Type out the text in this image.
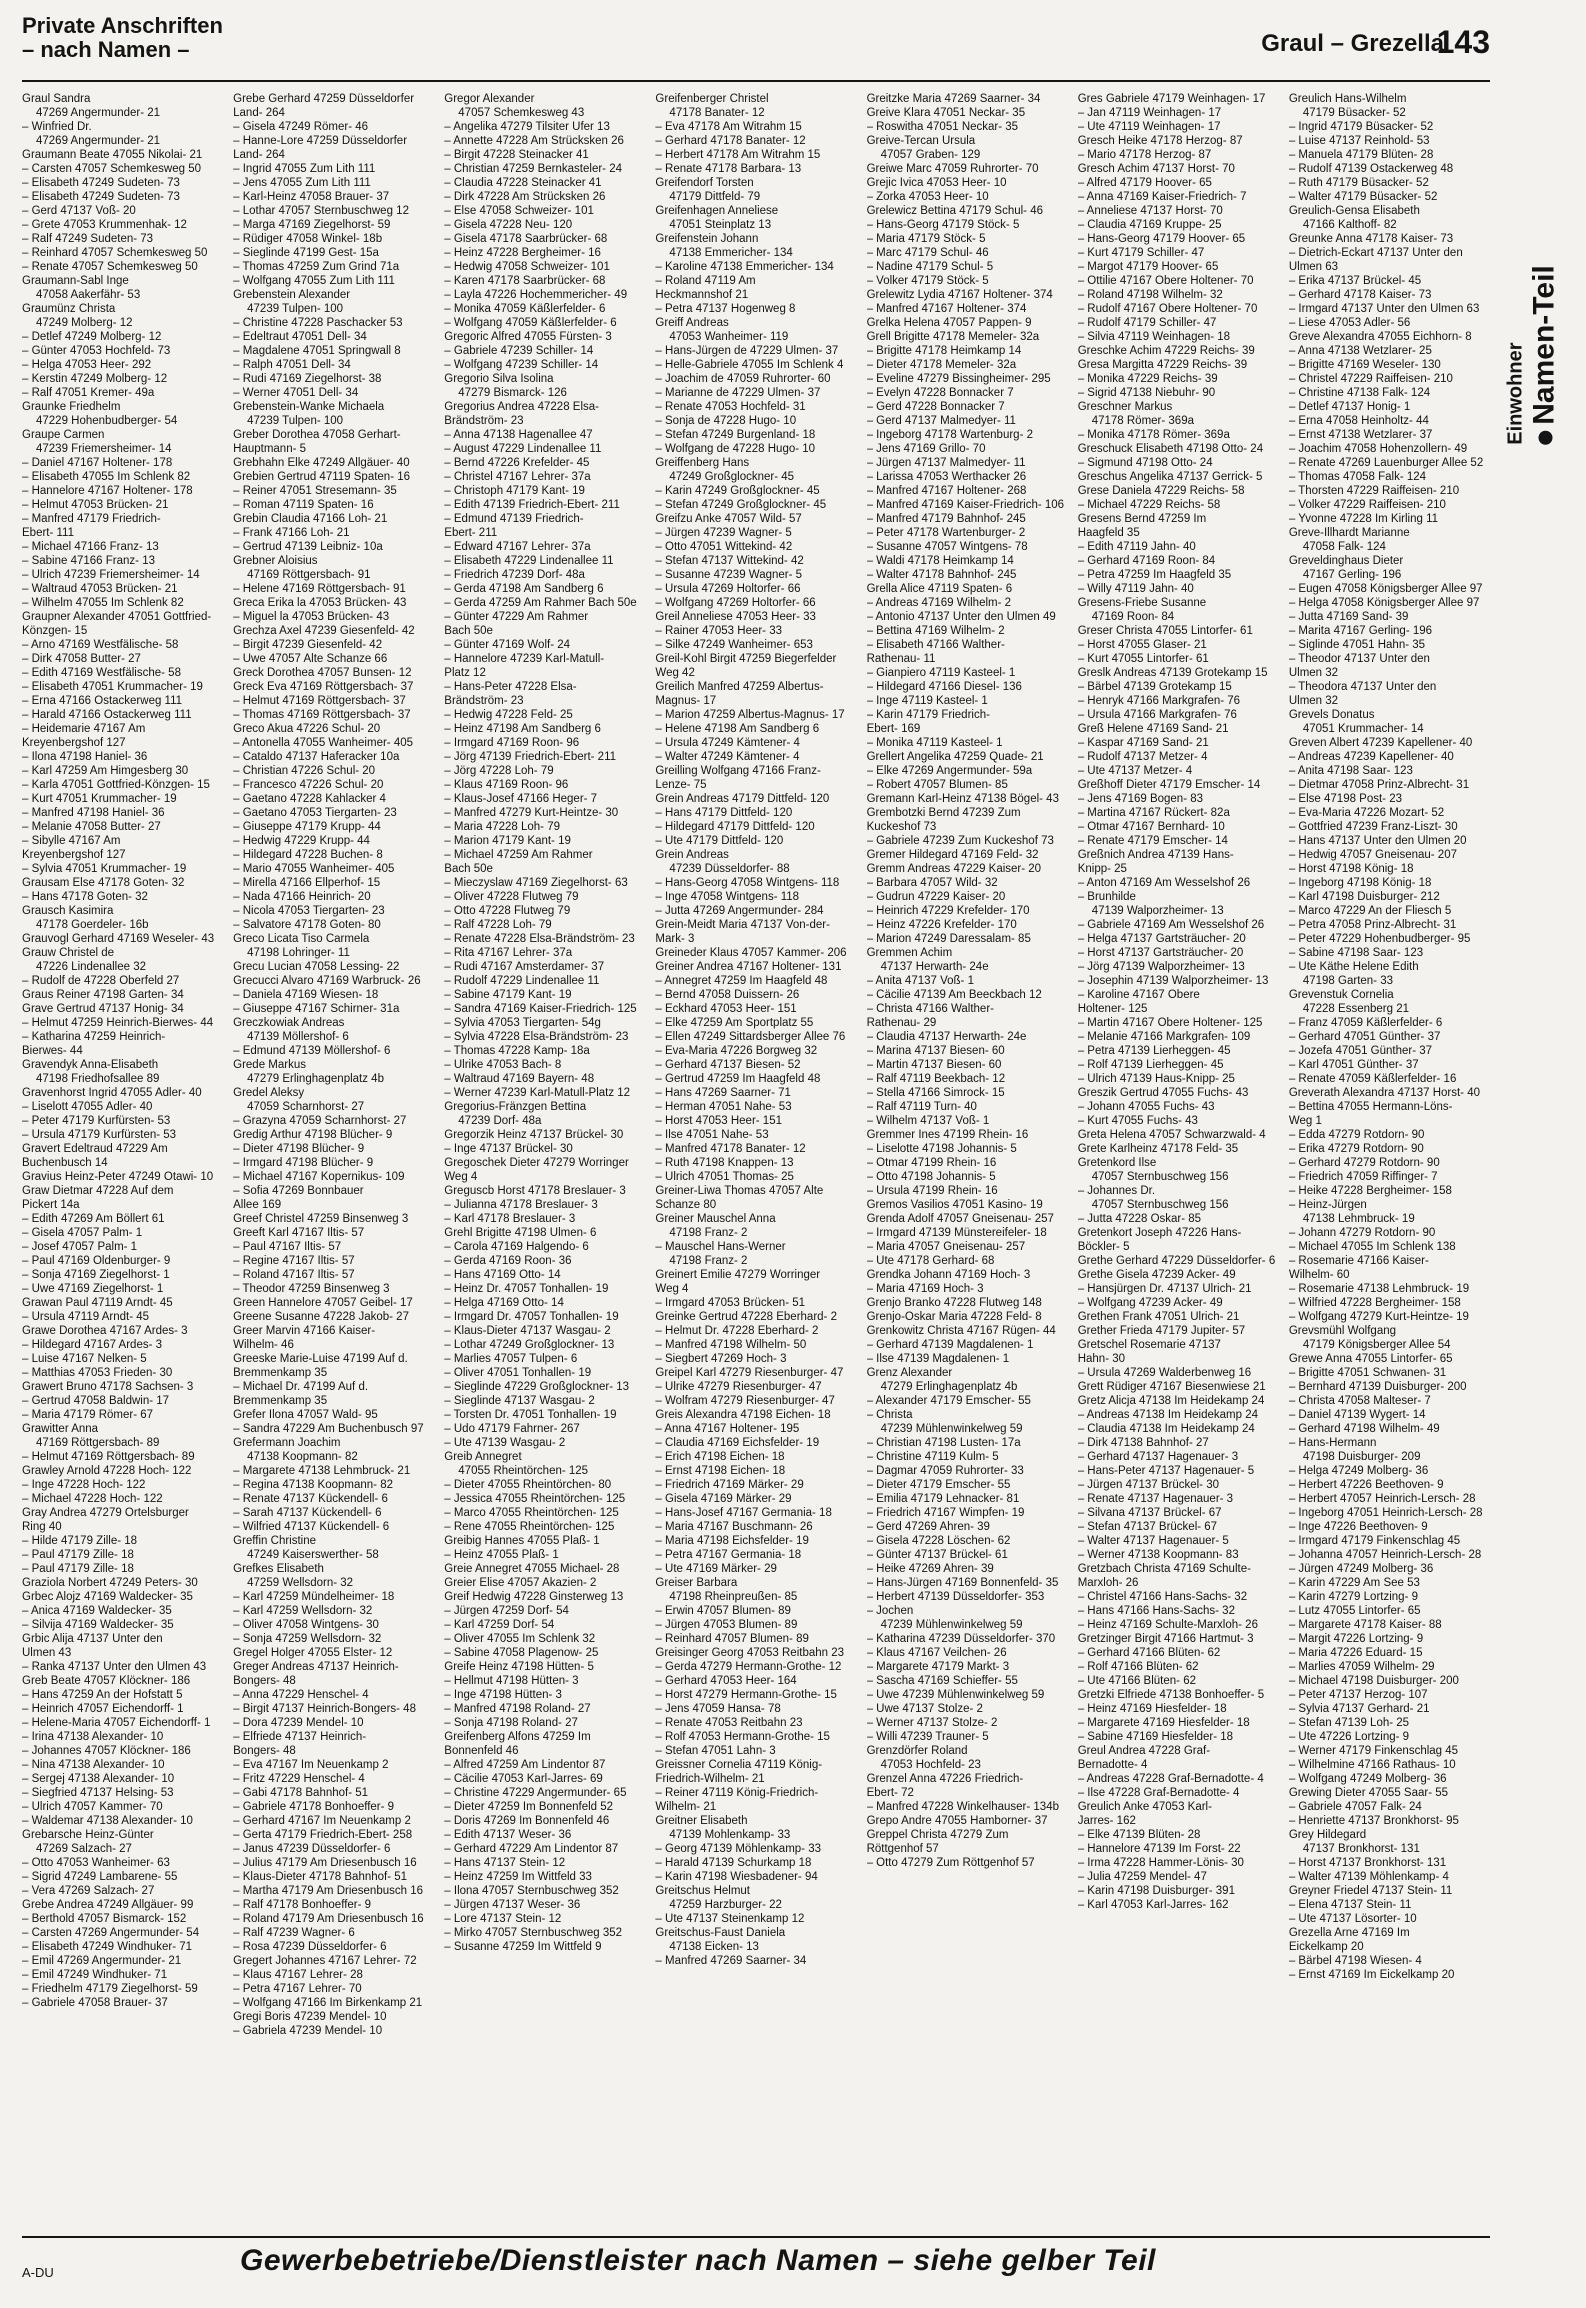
Private Anschriften
– nach Namen –	Graul – Grezella
143
Einwohner Namen-Teil
Graul Sandra
47269 Angermunder- 21
– Winfried Dr.
47269 Angermunder- 21
Graumann Beate 47055 Nikolai- 21
– Carsten 47057 Schemkesweg 50
– Elisabeth 47249 Sudeten- 73
– Elisabeth 47249 Sudeten- 73
– Gerd 47137 Voß- 20
– Grete 47053 Krummenhak- 12
– Ralf 47249 Sudeten- 73
– Reinhard 47057 Schemkesweg 50
– Renate 47057 Schemkesweg 50
Graumann-Sabl Inge
47058 Aakerfähr- 53
Graumünz Christa
47249 Molberg- 12
– Detlef 47249 Molberg- 12
– Günter 47053 Hochfeld- 73
– Helga 47053 Heer- 292
– Kerstin 47249 Molberg- 12
– Ralf 47051 Kremer- 49a
Graunke Friedhelm
47229 Hohenbudberger- 54
Graupe Carmen
47239 Friemersheimer- 14
– Daniel 47167 Holtener- 178
– Elisabeth 47055 Im Schlenk 82
– Hannelore 47167 Holtener- 178
– Helmut 47053 Brücken- 21
– Manfred 47179 Friedrich-
Ebert- 111
– Michael 47166 Franz- 13
– Sabine 47166 Franz- 13
– Ulrich 47239 Friemersheimer- 14
– Waltraud 47053 Brücken- 21
– Wilhelm 47055 Im Schlenk 82
Graupner Alexander 47051 Gottfried-
Könzgen- 15
– Arno 47169 Westfälische- 58
– Dirk 47058 Butter- 27
– Edith 47169 Westfälische- 58
– Elisabeth 47051 Krummacher- 19
– Erna 47166 Ostackerweg 111
– Harald 47166 Ostackerweg 111
– Heidemarie 47167 Am
Kreyenbergshof 127
– Ilona 47198 Haniel- 36
– Karl 47259 Am Himgesberg 30
– Karla 47051 Gottfried-Könzgen- 15
– Kurt 47051 Krummacher- 19
– Manfred 47198 Haniel- 36
– Melanie 47058 Butter- 27
– Sibylle 47167 Am
Kreyenbergshof 127
– Sylvia 47051 Krummacher- 19
Grausam Else 47178 Goten- 32
– Hans 47178 Goten- 32
Grausch Kasimira
47178 Goerdeler- 16b
Grauvogl Gerhard 47169 Weseler- 43
Grauw Christel de
47226 Lindenallee 32
– Rudolf de 47228 Oberfeld 27
Graus Reiner 47198 Garten- 34
Grave Gertrud 47137 Honig- 34
– Helmut 47259 Heinrich-Bierwes- 44
– Katharina 47259 Heinrich-
Bierwes- 44
Gravendyk Anna-Elisabeth
47198 Friedhofsallee 89
Gravenhorst Ingrid 47055 Adler- 40
– Liselott 47055 Adler- 40
– Peter 47179 Kurfürsten- 53
– Ursula 47179 Kurfürsten- 53
Gravert Edeltraud 47229 Am
Buchenbusch 14
Gravius Heinz-Peter 47249 Otawi- 10
Graw Dietmar 47228 Auf dem
Pickert 14a
– Edith 47269 Am Böllert 61
– Gisela 47057 Palm- 1
– Josef 47057 Palm- 1
– Paul 47169 Oldenburger- 9
– Sonja 47169 Ziegelhorst- 1
– Uwe 47169 Ziegelhorst- 1
Grawan Paul 47119 Arndt- 45
– Ursula 47119 Arndt- 45
Grawe Dorothea 47167 Ardes- 3
– Hildegard 47167 Ardes- 3
– Luise 47167 Nelken- 5
– Matthias 47053 Frieden- 30
Grawert Bruno 47178 Sachsen- 3
– Gertrud 47058 Baldwin- 17
– Maria 47179 Römer- 67
Grawitter Anna
47169 Röttgersbach- 89
– Helmut 47169 Röttgersbach- 89
Grawley Arnold 47228 Hoch- 122
– Inge 47228 Hoch- 122
– Michael 47228 Hoch- 122
Gray Andrea 47279 Ortelsburger
Ring 40
– Hilde 47179 Zille- 18
– Paul 47179 Zille- 18
– Paul 47179 Zille- 18
Graziola Norbert 47249 Peters- 30
Grbec Alojz 47169 Waldecker- 35
– Anica 47169 Waldecker- 35
– Silvija 47169 Waldecker- 35
Grbic Alija 47137 Unter den
Ulmen 43
– Ranka 47137 Unter den Ulmen 43
Greb Beate 47057 Klöckner- 186
– Hans 47259 An der Hofstatt 5
– Heinrich 47057 Eichendorff- 1
– Helene-Maria 47057 Eichendorff- 1
– Irina 47138 Alexander- 10
– Johannes 47057 Klöckner- 186
– Nina 47138 Alexander- 10
– Sergej 47138 Alexander- 10
– Siegfried 47137 Helsing- 53
– Ulrich 47057 Kammer- 70
– Waldemar 47138 Alexander- 10
Grebarsche Heinz-Günter
47269 Salzach- 27
– Otto 47053 Wanheimer- 63
– Sigrid 47249 Lambarene- 55
– Vera 47269 Salzach- 27
Grebe Andrea 47249 Allgäuer- 99
– Berthold 47057 Bismarck- 152
– Carsten 47269 Angermunder- 54
– Elisabeth 47249 Windhuker- 71
– Emil 47269 Angermunder- 21
– Emil 47249 Windhuker- 71
– Friedhelm 47179 Ziegelhorst- 59
– Gabriele 47058 Brauer- 37
Grebe Gerhard 47259 Düsseldorfer
Land- 264
– Gisela 47249 Römer- 46
– Hanne-Lore 47259 Düsseldorfer
Land- 264
– Ingrid 47055 Zum Lith 111
– Jens 47055 Zum Lith 111
– Karl-Heinz 47058 Brauer- 37
– Lothar 47057 Sternbuschweg 12
– Marga 47169 Ziegelhorst- 59
– Rüdiger 47058 Winkel- 18b
– Sieglinde 47199 Gest- 15a
– Thomas 47259 Zum Grind 71a
– Wolfgang 47055 Zum Lith 111
Grebenstein Alexander
47239 Tulpen- 100
– Christine 47228 Paschacker 53
– Edeltraut 47051 Dell- 34
– Magdalene 47051 Springwall 8
– Ralph 47051 Dell- 34
– Rudi 47169 Ziegelhorst- 38
– Werner 47051 Dell- 34
Grebenstein-Wanke Michaela
47239 Tulpen- 100
Greber Dorothea 47058 Gerhart-
Hauptmann- 5
Grebhahn Elke 47249 Allgäuer- 40
Grebien Gertrud 47119 Spaten- 16
– Reiner 47051 Stresemann- 35
– Roman 47119 Spaten- 16
Grebin Claudia 47166 Loh- 21
– Frank 47166 Loh- 21
– Gertrud 47139 Leibniz- 10a
Grebner Aloisius
47169 Röttgersbach- 91
– Helene 47169 Röttgersbach- 91
Greca Erika la 47053 Brücken- 43
– Miguel la 47053 Brücken- 43
Grechza Axel 47239 Giesenfeld- 42
– Birgit 47239 Giesenfeld- 42
– Uwe 47057 Alte Schanze 66
Greck Dorothea 47057 Bunsen- 12
Greck Eva 47169 Röttgersbach- 37
– Helmut 47169 Röttgersbach- 37
– Thomas 47169 Röttgersbach- 37
Greco Akua 47226 Schul- 20
– Antonella 47055 Wanheimer- 405
– Cataldo 47137 Haferacker 10a
– Christian 47226 Schul- 20
– Francesco 47226 Schul- 20
– Gaetano 47228 Kahlacker 4
– Gaetano 47053 Tiergarten- 23
– Giuseppe 47179 Krupp- 44
– Hedwig 47229 Krupp- 44
– Hildegard 47228 Buchen- 8
– Mario 47055 Wanheimer- 405
– Mirella 47166 Ellperhof- 15
– Nada 47166 Heinrich- 20
– Nicola 47053 Tiergarten- 23
– Salvatore 47178 Goten- 80
Greco Licata Tiso Carmela
47198 Lohringer- 11
Grecu Lucian 47058 Lessing- 22
Grecucci Alvaro 47169 Warbruck- 26
– Daniela 47169 Wiesen- 18
– Giuseppe 47167 Schirner- 31a
Greczkowiak Andreas
47139 Möllershof- 6
– Edmund 47139 Möllershof- 6
Grede Markus
47279 Erlinghagenplatz 4b
Gredel Aleksy
47059 Scharnhorst- 27
– Grazyna 47059 Scharnhorst- 27
Gredig Arthur 47198 Blücher- 9
– Dieter 47198 Blücher- 9
– Irmgard 47198 Blücher- 9
– Michael 47167 Kopernikus- 109
– Sofia 47269 Bonnbauer
Allee 169
Greef Christel 47259 Binsenweg 3
Greeft Karl 47167 Iltis- 57
– Paul 47167 Iltis- 57
– Regine 47167 Iltis- 57
– Roland 47167 Iltis- 57
– Theodor 47259 Binsenweg 3
Green Hannelore 47057 Geibel- 17
Greene Susanne 47228 Jakob- 27
Greer Marvin 47166 Kaiser-
Wilhelm- 46
Greeske Marie-Luise 47199 Auf d.
Bremmenkamp 35
– Michael Dr. 47199 Auf d.
Bremmenkamp 35
Grefer Ilona 47057 Wald- 95
– Sandra 47229 Am Buchenbusch 97
Grefermann Joachim
47138 Koopmann- 82
– Margarete 47138 Lehmbruck- 21
– Regina 47138 Koopmann- 82
– Renate 47137 Kückendell- 6
– Sarah 47137 Kückendell- 6
– Wilfried 47137 Kückendell- 6
Greffin Christine
47249 Kaiserswerther- 58
Grefkes Elisabeth
47259 Wellsdorn- 32
– Karl 47259 Mündelheimer- 18
– Karl 47259 Wellsdorn- 32
– Oliver 47058 Wintgens- 30
– Sonja 47259 Wellsdorn- 32
Gregel Holger 47055 Elster- 12
Greger Andreas 47137 Heinrich-
Bongers- 48
– Anna 47229 Henschel- 4
– Birgit 47137 Heinrich-Bongers- 48
– Dora 47239 Mendel- 10
– Elfriede 47137 Heinrich-
Bongers- 48
– Eva 47167 Im Neuenkamp 2
– Fritz 47229 Henschel- 4
– Gabi 47178 Bahnhof- 51
– Gabriele 47178 Bonhoeffer- 9
– Gerhard 47167 Im Neuenkamp 2
– Gerta 47179 Friedrich-Ebert- 258
– Janus 47239 Düsseldorfer- 6
– Julius 47179 Am Driesenbusch 16
– Klaus-Dieter 47178 Bahnhof- 51
– Martha 47179 Am Driesenbusch 16
– Ralf 47178 Bonhoeffer- 9
– Roland 47179 Am Driesenbusch 16
– Ralf 47239 Wagner- 6
– Rosa 47239 Düsseldorfer- 6
Gregert Johannes 47167 Lehrer- 72
– Klaus 47167 Lehrer- 28
– Petra 47167 Lehrer- 70
– Wolfgang 47166 Im Birkenkamp 21
Gregi Boris 47239 Mendel- 10
– Gabriela 47239 Mendel- 10
Gregor Alexander
47057 Schemkesweg 43
– Angelika 47279 Tilsiter Ufer 13
– Annette 47228 Am Strücksken 26
– Birgit 47228 Steinacker 41
– Christian 47259 Bernkasteler- 24
– Claudia 47228 Steinacker 41
– Dirk 47228 Am Strücksken 26
– Else 47058 Schweizer- 101
– Gisela 47228 Neu- 120
– Gisela 47178 Saarbrücker- 68
– Heinz 47228 Bergheimer- 16
– Hedwig 47058 Schweizer- 101
– Karen 47178 Saarbrücker- 68
– Layla 47226 Hochemmericher- 49
– Monika 47059 Käßlerfelder- 6
– Wolfgang 47059 Käßlerfelder- 6
Gregoric Alfred 47055 Fürsten- 3
– Gabriele 47239 Schiller- 14
– Wolfgang 47239 Schiller- 14
Gregorio Silva Isolina
47279 Bismarck- 126
Gregorius Andrea 47228 Elsa-
Brändström- 23
– Anna 47138 Hagenallee 47
– August 47229 Lindenallee 11
– Bernd 47226 Krefelder- 45
– Christel 47167 Lehrer- 37a
– Christoph 47179 Kant- 19
– Edith 47139 Friedrich-Ebert- 211
– Edmund 47139 Friedrich-
Ebert- 211
– Edward 47167 Lehrer- 37a
– Elisabeth 47229 Lindenallee 11
– Friedrich 47239 Dorf- 48a
– Gerda 47198 Am Sandberg 6
– Gerda 47259 Am Rahmer Bach 50e
– Günter 47229 Am Rahmer
Bach 50e
– Günter 47169 Wolf- 24
– Hannelore 47239 Karl-Matull-
Platz 12
– Hans-Peter 47228 Elsa-
Brändström- 23
– Hedwig 47228 Feld- 25
– Heinz 47198 Am Sandberg 6
– Irmgard 47169 Roon- 96
– Jörg 47139 Friedrich-Ebert- 211
– Jörg 47228 Loh- 79
– Klaus 47169 Roon- 96
– Klaus-Josef 47166 Heger- 7
– Manfred 47279 Kurt-Heintze- 30
– Maria 47228 Loh- 79
– Marion 47179 Kant- 19
– Michael 47259 Am Rahmer
Bach 50e
– Mieczyslaw 47169 Ziegelhorst- 63
– Oliver 47228 Flutweg 79
– Otto 47228 Flutweg 79
– Ralf 47228 Loh- 79
– Renate 47228 Elsa-Brändström- 23
– Rita 47167 Lehrer- 37a
– Rudi 47167 Amsterdamer- 37
– Rudolf 47229 Lindenallee 11
– Sabine 47179 Kant- 19
– Sandra 47169 Kaiser-Friedrich- 125
– Sylvia 47053 Tiergarten- 54g
– Sylvia 47228 Elsa-Brändström- 23
– Thomas 47228 Kamp- 18a
– Ulrike 47053 Bach- 8
– Waltraud 47169 Bayern- 48
– Werner 47239 Karl-Matull-Platz 12
Gregorius-Fränzgen Bettina
47239 Dorf- 48a
Gregorzik Heinz 47137 Brückel- 30
– Inge 47137 Brückel- 30
Gregoschek Dieter 47279 Worringer
Weg 4
Greguscb Horst 47178 Breslauer- 3
– Julianna 47178 Breslauer- 3
– Karl 47178 Breslauer- 3
Grehl Brigitte 47198 Ulmen- 6
– Carola 47169 Halgendo- 6
– Gerda 47169 Roon- 36
– Hans 47169 Otto- 14
– Heinz Dr. 47057 Tonhallen- 19
– Helga 47169 Otto- 14
– Irmgard Dr. 47057 Tonhallen- 19
– Klaus-Dieter 47137 Wasgau- 2
– Lothar 47249 Großglockner- 13
– Marlies 47057 Tulpen- 6
– Oliver 47051 Tonhallen- 19
– Sieglinde 47229 Großglockner- 13
– Sieglinde 47137 Wasgau- 2
– Torsten Dr. 47051 Tonhallen- 19
– Udo 47179 Fahrner- 267
– Ute 47139 Wasgau- 2
Greib Annegret
47055 Rheintörchen- 125
– Dieter 47055 Rheintörchen- 80
– Jessica 47055 Rheintörchen- 125
– Marco 47055 Rheintörchen- 125
– Rene 47055 Rheintörchen- 125
Greibig Hannes 47055 Plaß- 1
– Heinz 47055 Plaß- 1
Greie Annegret 47055 Michael- 28
Greier Elise 47057 Akazien- 2
Greif Hedwig 47228 Ginsterweg 13
– Jürgen 47259 Dorf- 54
– Karl 47259 Dorf- 54
– Oliver 47055 Im Schlenk 32
– Sabine 47058 Plagenow- 25
Greife Heinz 47198 Hütten- 5
– Hellmut 47198 Hütten- 3
– Inge 47198 Hütten- 3
– Manfred 47198 Roland- 27
– Sonja 47198 Roland- 27
Greifenberg Alfons 47259 Im
Bonnenfeld 46
– Alfred 47259 Am Lindentor 87
– Cäcilie 47053 Karl-Jarres- 69
– Christine 47229 Angermunder- 65
– Dieter 47259 Im Bonnenfeld 52
– Doris 47269 Im Bonnenfeld 46
– Edith 47137 Weser- 36
– Gerhard 47229 Am Lindentor 87
– Hans 47137 Stein- 12
– Heinz 47259 Im Wittfeld 33
– Ilona 47057 Sternbuschweg 352
– Jürgen 47137 Weser- 36
– Lore 47137 Stein- 12
– Mirko 47057 Sternbuschweg 352
– Susanne 47259 Im Wittfeld 9
Greifenberger Christel
47178 Banater- 12
– Eva 47178 Am Witrahm 15
– Gerhard 47178 Banater- 12
– Herbert 47178 Am Witrahm 15
– Renate 47178 Barbara- 13
Greifendorf Torsten
47179 Dittfeld- 79
Greifenhagen Anneliese
47051 Steinplatz 13
Greifenstein Johann
47138 Emmericher- 134
– Karoline 47138 Emmericher- 134
– Roland 47119 Am
Heckmannshof 21
– Petra 47137 Hogenweg 8
Greiff Andreas
47053 Wanheimer- 119
– Hans-Jürgen de 47229 Ulmen- 37
– Helle-Gabriele 47055 Im Schlenk 4
– Joachim de 47059 Ruhrorter- 60
– Marianne de 47229 Ulmen- 37
– Renate 47053 Hochfeld- 31
– Sonja de 47228 Hugo- 10
– Stefan 47249 Burgenland- 18
– Wolfgang de 47228 Hugo- 10
Greiffenberg Hans
47249 Großglockner- 45
– Karin 47249 Großglockner- 45
– Stefan 47249 Großglockner- 45
Greifzu Anke 47057 Wild- 57
– Jürgen 47239 Wagner- 5
– Otto 47051 Wittekind- 42
– Stefan 47137 Wittekind- 42
– Susanne 47239 Wagner- 5
– Ursula 47269 Holtorfer- 66
– Wolfgang 47269 Holtorfer- 66
Greil Anneliese 47053 Heer- 33
– Rainer 47053 Heer- 33
– Silke 47249 Wanheimer- 653
Greil-Kohl Birgit 47259 Biegerfelder
Weg 42
Greilich Manfred 47259 Albertus-
Magnus- 17
– Marion 47259 Albertus-Magnus- 17
– Helene 47198 Am Sandberg 6
– Ursula 47249 Kämtener- 4
– Walter 47249 Kämtener- 4
Greilling Wolfgang 47166 Franz-
Lenze- 75
Grein Andreas 47179 Dittfeld- 120
– Hans 47179 Dittfeld- 120
– Hildegard 47179 Dittfeld- 120
– Ute 47179 Dittfeld- 120
Grein Andreas
47239 Düsseldorfer- 88
– Hans-Georg 47058 Wintgens- 118
– Inge 47058 Wintgens- 118
– Jutta 47269 Angermunder- 284
Grein-Meidt Maria 47137 Von-der-
Mark- 3
Greineder Klaus 47057 Kammer- 206
Greiner Andrea 47167 Holtener- 131
– Annegret 47259 Im Haagfeld 48
– Bernd 47058 Duissern- 26
– Eckhard 47053 Heer- 151
– Elke 47259 Am Sportplatz 55
– Ellen 47249 Sittardsberger Allee 76
– Eva-Maria 47226 Borgweg 32
– Gerhard 47137 Biesen- 52
– Gertrud 47259 Im Haagfeld 48
– Hans 47269 Saarner- 71
– Herman 47051 Nahe- 53
– Horst 47053 Heer- 151
– Ilse 47051 Nahe- 53
– Manfred 47178 Banater- 12
– Ruth 47198 Knappen- 13
– Ulrich 47051 Thomas- 25
Greiner-Liwa Thomas 47057 Alte
Schanze 80
Greiner Mauschel Anna
47198 Franz- 2
– Mauschel Hans-Werner
47198 Franz- 2
Greinert Emilie 47279 Worringer
Weg 4
– Irmgard 47053 Brücken- 51
Greinke Gertrud 47228 Eberhard- 2
– Helmut Dr. 47228 Eberhard- 2
– Manfred 47198 Wilhelm- 50
– Siegbert 47269 Hoch- 3
Greipel Karl 47279 Riesenburger- 47
– Ulrike 47279 Riesenburger- 47
– Wolfram 47279 Riesenburger- 47
Greis Alexandra 47198 Eichen- 18
– Anna 47167 Holtener- 195
– Claudia 47169 Eichsfelder- 19
– Erich 47198 Eichen- 18
– Ernst 47198 Eichen- 18
– Friedrich 47169 Märker- 29
– Gisela 47169 Märker- 29
– Hans-Josef 47167 Germania- 18
– Maria 47167 Buschmann- 26
– Maria 47198 Eichsfelder- 19
– Petra 47167 Germania- 18
– Ute 47169 Märker- 29
Greiser Barbara
47198 Rheinpreußen- 85
– Erwin 47057 Blumen- 89
– Jürgen 47053 Blumen- 89
– Reinhard 47057 Blumen- 89
Greisinger Georg 47053 Reitbahn 23
– Gerda 47279 Hermann-Grothe- 12
– Gerhard 47053 Heer- 164
– Horst 47279 Hermann-Grothe- 15
– Jens 47059 Hansa- 78
– Renate 47053 Reitbahn 23
– Rolf 47053 Hermann-Grothe- 15
– Stefan 47051 Lahn- 3
Greissner Cornelia 47119 König-
Friedrich-Wilhelm- 21
– Reiner 47119 König-Friedrich-
Wilhelm- 21
Greitner Elisabeth
47139 Mohlenkamp- 33
– Georg 47139 Möhlenkamp- 33
– Harald 47139 Schurkamp 18
– Karin 47198 Wiesbadener- 94
Greitschus Helmut
47259 Harzburger- 22
– Ute 47137 Steinenkamp 12
Greitschus-Faust Daniela
47138 Eicken- 13
– Manfred 47269 Saarner- 34
Greitzke Maria 47269 Saarner- 34
Greive Klara 47051 Neckar- 35
– Roswitha 47051 Neckar- 35
Greive-Tercan Ursula
47057 Graben- 129
Greiwe Marc 47059 Ruhrorter- 70
Grejic Ivica 47053 Heer- 10
– Zorka 47053 Heer- 10
Grelewicz Bettina 47179 Schul- 46
– Hans-Georg 47179 Stöck- 5
– Maria 47179 Stöck- 5
– Marc 47179 Schul- 46
– Nadine 47179 Schul- 5
– Volker 47179 Stöck- 5
Grelewitz Lydia 47167 Holtener- 374
– Manfred 47167 Holtener- 374
Grelka Helena 47057 Pappen- 9
Grell Brigitte 47178 Memeler- 32a
– Brigitte 47178 Heimkamp 14
– Dieter 47178 Memeler- 32a
– Eveline 47279 Bissingheimer- 295
– Evelyn 47228 Bonnacker 7
– Gerd 47228 Bonnacker 7
– Gerd 47137 Malmedyer- 11
– Ingeborg 47178 Wartenburg- 2
– Jens 47169 Grillo- 70
– Jürgen 47137 Malmedyer- 11
– Larissa 47053 Werthacker 26
– Manfred 47167 Holtener- 268
– Manfred 47169 Kaiser-Friedrich- 106
– Manfred 47179 Bahnhof- 245
– Peter 47178 Wartenburger- 2
– Susanne 47057 Wintgens- 78
– Waldi 47178 Heimkamp 14
– Walter 47178 Bahnhof- 245
Grella Alice 47119 Spaten- 6
– Andreas 47169 Wilhelm- 2
– Antonio 47137 Unter den Ulmen 49
– Bettina 47169 Wilhelm- 2
– Elisabeth 47166 Walther-
Rathenau- 11
– Gianpiero 47119 Kasteel- 1
– Hildegard 47166 Diesel- 136
– Inge 47119 Kasteel- 1
– Karin 47179 Friedrich-
Ebert- 169
– Monika 47119 Kasteel- 1
Grellert Angelika 47259 Quade- 21
– Elke 47269 Angermunder- 59a
– Robert 47057 Blumen- 85
Gremann Karl-Heinz 47138 Bögel- 43
Grembotzki Bernd 47239 Zum
Kuckeshof 73
– Gabriele 47239 Zum Kuckeshof 73
Gremer Hildegard 47169 Feld- 32
Gremm Andreas 47229 Kaiser- 20
– Barbara 47057 Wild- 32
– Gudrun 47229 Kaiser- 20
– Heinrich 47229 Krefelder- 170
– Heinz 47226 Krefelder- 170
– Marion 47249 Daressalam- 85
Gremmen Achim
47137 Herwarth- 24e
– Anita 47137 Voß- 1
– Cäcilie 47139 Am Beeckbach 12
– Christa 47166 Walther-
Rathenau- 29
– Claudia 47137 Herwarth- 24e
– Marina 47137 Biesen- 60
– Martin 47137 Biesen- 60
– Ralf 47119 Beekbach- 12
– Stella 47166 Simrock- 15
– Ralf 47119 Turn- 40
– Wilhelm 47137 Voß- 1
Gremmer Ines 47199 Rhein- 16
– Liselotte 47198 Johannis- 5
– Otmar 47199 Rhein- 16
– Otto 47198 Johannis- 5
– Ursula 47199 Rhein- 16
Gremos Vasilios 47051 Kasino- 19
Grenda Adolf 47057 Gneisenau- 257
– Irmgard 47139 Münstereifeler- 18
– Maria 47057 Gneisenau- 257
– Ute 47178 Gerhard- 68
Grendka Johann 47169 Hoch- 3
– Maria 47169 Hoch- 3
Grenjo Branko 47228 Flutweg 148
Grenjo-Oskar Maria 47228 Feld- 8
Grenkowitz Christa 47167 Rügen- 44
– Gerhard 47139 Magdalenen- 1
– Ilse 47139 Magdalenen- 1
Grenz Alexander
47279 Erlinghagenplatz 4b
– Alexander 47179 Emscher- 55
– Christa
47239 Mühlenwinkelweg 59
– Christian 47198 Lusten- 17a
– Christine 47119 Kulm- 5
– Dagmar 47059 Ruhrorter- 33
– Dieter 47179 Emscher- 55
– Emilia 47179 Lehnacker- 81
– Friedrich 47167 Wimpfen- 19
– Gerd 47269 Ahren- 39
– Gisela 47228 Löschen- 62
– Günter 47137 Brückel- 61
– Heike 47269 Ahren- 39
– Hans-Jürgen 47169 Bonnenfeld- 35
– Herbert 47139 Düsseldorfer- 353
– Jochen
47239 Mühlenwinkelweg 59
– Katharina 47239 Düsseldorfer- 370
– Klaus 47167 Veilchen- 26
– Margarete 47179 Markt- 3
– Sascha 47169 Schieffer- 55
– Uwe 47239 Mühlenwinkelweg 59
– Uwe 47137 Stolze- 2
– Werner 47137 Stolze- 2
– Willi 47239 Trauner- 5
Grenzdörfer Roland
47053 Hochfeld- 23
Grenzel Anna 47226 Friedrich-
Ebert- 72
– Manfred 47228 Winkelhauser- 134b
Grepo Andre 47055 Hamborner- 37
Greppel Christa 47279 Zum
Röttgenhof 57
– Otto 47279 Zum Röttgenhof 57
Gres Gabriele 47179 Weinhagen- 17
– Jan 47119 Weinhagen- 17
– Ute 47119 Weinhagen- 17
Gresch Heike 47178 Herzog- 87
– Mario 47178 Herzog- 87
Gresch Achim 47137 Horst- 70
– Alfred 47179 Hoover- 65
– Anna 47169 Kaiser-Friedrich- 7
– Anneliese 47137 Horst- 70
– Claudia 47169 Kruppe- 25
– Hans-Georg 47179 Hoover- 65
– Kurt 47179 Schiller- 47
– Margot 47179 Hoover- 65
– Ottilie 47167 Obere Holtener- 70
– Roland 47198 Wilhelm- 32
– Rudolf 47167 Obere Holtener- 70
– Rudolf 47179 Schiller- 47
– Silvia 47119 Weinhagen- 18
Greschke Achim 47229 Reichs- 39
Gresa Margitta 47229 Reichs- 39
– Monika 47229 Reichs- 39
– Sigrid 47138 Niebuhr- 90
Greschner Markus
47178 Römer- 369a
– Monika 47178 Römer- 369a
Greschuck Elisabeth 47198 Otto- 24
– Sigmund 47198 Otto- 24
Greschus Angelika 47137 Gerrick- 5
Grese Daniela 47229 Reichs- 58
– Michael 47229 Reichs- 58
Gresens Bernd 47259 Im
Haagfeld 35
– Edith 47119 Jahn- 40
– Gerhard 47169 Roon- 84
– Petra 47259 Im Haagfeld 35
– Willy 47119 Jahn- 40
Gresens-Friebe Susanne
47169 Roon- 84
Greser Christa 47055 Lintorfer- 61
– Horst 47055 Glaser- 21
– Kurt 47055 Lintorfer- 61
Greslk Andreas 47139 Grotekamp 15
– Bärbel 47139 Grotekamp 15
– Henryk 47166 Markgrafen- 76
– Ursula 47166 Markgrafen- 76
Greß Helene 47169 Sand- 21
– Kaspar 47169 Sand- 21
– Rudolf 47137 Metzer- 4
– Ute 47137 Metzer- 4
Greßhoff Dieter 47179 Emscher- 14
– Jens 47169 Bogen- 83
– Martina 47167 Rückert- 82a
– Otmar 47167 Bernhard- 10
– Renate 47179 Emscher- 14
Greßnich Andrea 47139 Hans-
Knipp- 25
– Anton 47169 Am Wesselshof 26
– Brunhilde
47139 Walporzheimer- 13
– Gabriele 47169 Am Wesselshof 26
– Helga 47137 Gartsträucher- 20
– Horst 47137 Gartsträucher- 20
– Jörg 47139 Walporzheimer- 13
– Josephin 47139 Walporzheimer- 13
– Karoline 47167 Obere
Holtener- 125
– Martin 47167 Obere Holtener- 125
– Melanie 47166 Markgrafen- 109
– Petra 47139 Lierheggen- 45
– Rolf 47139 Lierheggen- 45
– Ulrich 47139 Haus-Knipp- 25
Greszik Gertrud 47055 Fuchs- 43
– Johann 47055 Fuchs- 43
– Kurt 47055 Fuchs- 43
Greta Helena 47057 Schwarzwald- 4
Grete Karlheinz 47178 Feld- 35
Gretenkord Ilse
47057 Sternbuschweg 156
– Johannes Dr.
47057 Sternbuschweg 156
– Jutta 47228 Oskar- 85
Gretenkort Joseph 47226 Hans-
Böckler- 5
Grethe Gerhard 47229 Düsseldorfer- 6
Grethe Gisela 47239 Acker- 49
– Hansjürgen Dr. 47137 Ulrich- 21
– Wolfgang 47239 Acker- 49
Grethen Frank 47051 Ulrich- 21
Grether Frieda 47179 Jupiter- 57
Gretschel Rosemarie 47137
Hahn- 30
– Ursula 47269 Walderbenweg 16
Grett Rüdiger 47167 Biesenwiese 21
Gretz Alicja 47138 Im Heidekamp 24
– Andreas 47138 Im Heidekamp 24
– Claudia 47138 Im Heidekamp 24
– Dirk 47138 Bahnhof- 27
– Gerhard 47137 Hagenauer- 3
– Hans-Peter 47137 Hagenauer- 5
– Jürgen 47137 Brückel- 30
– Renate 47137 Hagenauer- 3
– Silvana 47137 Brückel- 67
– Stefan 47137 Brückel- 67
– Walter 47137 Hagenauer- 5
– Werner 47138 Koopmann- 83
Gretzbach Christa 47169 Schulte-
Marxloh- 26
– Christel 47166 Hans-Sachs- 32
– Hans 47166 Hans-Sachs- 32
– Heinz 47169 Schulte-Marxloh- 26
Gretzinger Birgit 47166 Hartmut- 3
– Gerhard 47166 Blüten- 62
– Rolf 47166 Blüten- 62
– Ute 47166 Blüten- 62
Gretzki Elfriede 47138 Bonhoeffer- 5
– Heinz 47169 Hiesfelder- 18
– Margarete 47169 Hiesfelder- 18
– Sabine 47169 Hiesfelder- 18
Greul Andrea 47228 Graf-
Bernadotte- 4
– Andreas 47228 Graf-Bernadotte- 4
– Ilse 47228 Graf-Bernadotte- 4
Greulich Anke 47053 Karl-
Jarres- 162
– Elke 47139 Blüten- 28
– Hannelore 47139 Im Forst- 22
– Irma 47228 Hammer-Lönis- 30
– Julia 47259 Mendel- 47
– Karin 47198 Duisburger- 391
– Karl 47053 Karl-Jarres- 162
Greulich Hans-Wilhelm
47179 Büsacker- 52
– Ingrid 47179 Büsacker- 52
– Luise 47137 Reinhold- 53
– Manuela 47179 Blüten- 28
– Rudolf 47139 Ostackerweg 48
– Ruth 47179 Büsacker- 52
– Walter 47179 Büsacker- 52
Greulich-Gensa Elisabeth
47166 Kalthoff- 82
Greunke Anna 47178 Kaiser- 73
– Dietrich-Eckart 47137 Unter den
Ulmen 63
– Erika 47137 Brückel- 45
– Gerhard 47178 Kaiser- 73
– Irmgard 47137 Unter den Ulmen 63
– Liese 47053 Adler- 56
Greve Alexandra 47055 Eichhorn- 8
– Anna 47138 Wetzlarer- 25
– Brigitte 47169 Weseler- 130
– Christel 47229 Raiffeisen- 210
– Christine 47138 Falk- 124
– Detlef 47137 Honig- 1
– Erna 47058 Heinholtz- 44
– Ernst 47138 Wetzlarer- 37
– Joachim 47058 Hohenzollern- 49
– Renate 47269 Lauenburger Allee 52
– Thomas 47058 Falk- 124
– Thorsten 47229 Raiffeisen- 210
– Volker 47229 Raiffeisen- 210
– Yvonne 47228 Im Kirling 11
Greve-Illhardt Marianne
47058 Falk- 124
Greveldinghaus Dieter
47167 Gerling- 196
– Eugen 47058 Königsberger Allee 97
– Helga 47058 Königsberger Allee 97
– Jutta 47169 Sand- 39
– Marita 47167 Gerling- 196
– Siglinde 47051 Hahn- 35
– Theodor 47137 Unter den
Ulmen 32
– Theodora 47137 Unter den
Ulmen 32
Grevels Donatus
47051 Krummacher- 14
Greven Albert 47239 Kapellener- 40
– Andreas 47239 Kapellener- 40
– Anita 47198 Saar- 123
– Dietmar 47058 Prinz-Albrecht- 31
– Else 47198 Post- 23
– Eva-Maria 47226 Mozart- 52
– Gottfried 47239 Franz-Liszt- 30
– Hans 47137 Unter den Ulmen 20
– Hedwig 47057 Gneisenau- 207
– Horst 47198 König- 18
– Ingeborg 47198 König- 18
– Karl 47198 Duisburger- 212
– Marco 47229 An der Fliesch 5
– Petra 47058 Prinz-Albrecht- 31
– Peter 47229 Hohenbudberger- 95
– Sabine 47198 Saar- 123
– Ute Käthe Helene Edith
47198 Garten- 33
Grevenstuk Cornelia
47228 Essenberg 21
– Franz 47059 Käßlerfelder- 6
– Gerhard 47051 Günther- 37
– Jozefa 47051 Günther- 37
– Karl 47051 Günther- 37
– Renate 47059 Käßlerfelder- 16
Greverath Alexandra 47137 Horst- 40
– Bettina 47055 Hermann-Löns-
Weg 1
– Edda 47279 Rotdorn- 90
– Erika 47279 Rotdorn- 90
– Gerhard 47279 Rotdorn- 90
– Friedrich 47059 Riffinger- 7
– Heike 47228 Bergheimer- 158
– Heinz-Jürgen
47138 Lehmbruck- 19
– Johann 47279 Rotdorn- 90
– Michael 47055 Im Schlenk 138
– Rosemarie 47166 Kaiser-
Wilhelm- 60
– Rosemarie 47138 Lehmbruck- 19
– Wilfried 47228 Bergheimer- 158
– Wolfgang 47279 Kurt-Heintze- 19
Grevsmühl Wolfgang
47179 Königsberger Allee 54
Grewe Anna 47055 Lintorfer- 65
– Brigitte 47051 Schwanen- 31
– Bernhard 47139 Duisburger- 200
– Christa 47058 Malteser- 7
– Daniel 47139 Wygert- 14
– Gerhard 47198 Wilhelm- 49
– Hans-Hermann
47198 Duisburger- 209
– Helga 47249 Molberg- 36
– Herbert 47226 Beethoven- 9
– Herbert 47057 Heinrich-Lersch- 28
– Ingeborg 47051 Heinrich-Lersch- 28
– Inge 47226 Beethoven- 9
– Irmgard 47179 Finkenschlag 45
– Johanna 47057 Heinrich-Lersch- 28
– Jürgen 47249 Molberg- 36
– Karin 47229 Am See 53
– Karin 47279 Lortzing- 9
– Lutz 47055 Lintorfer- 65
– Margarete 47178 Kaiser- 88
– Margit 47226 Lortzing- 9
– Maria 47226 Eduard- 15
– Marlies 47059 Wilhelm- 29
– Michael 47198 Duisburger- 200
– Peter 47137 Herzog- 107
– Sylvia 47137 Gerhard- 21
– Stefan 47139 Loh- 25
– Ute 47226 Lortzing- 9
– Werner 47179 Finkenschlag 45
– Wilhelmine 47166 Rathaus- 10
– Wolfgang 47249 Molberg- 36
Grewing Dieter 47055 Saar- 55
– Gabriele 47057 Falk- 24
– Henriette 47137 Bronkhorst- 95
Grey Hildegard
47137 Bronkhorst- 131
– Horst 47137 Bronkhorst- 131
– Walter 47139 Möhlenkamp- 4
Greyner Friedel 47137 Stein- 11
– Elena 47137 Stein- 11
– Ute 47137 Lösorter- 10
Grezella Arne 47169 Im
Eickelkamp 20
– Bärbel 47198 Wiesen- 4
– Ernst 47169 Im Eickelkamp 20
A-DU	Gewerbebetriebe/Dienstleister nach Namen – siehe gelber Teil
